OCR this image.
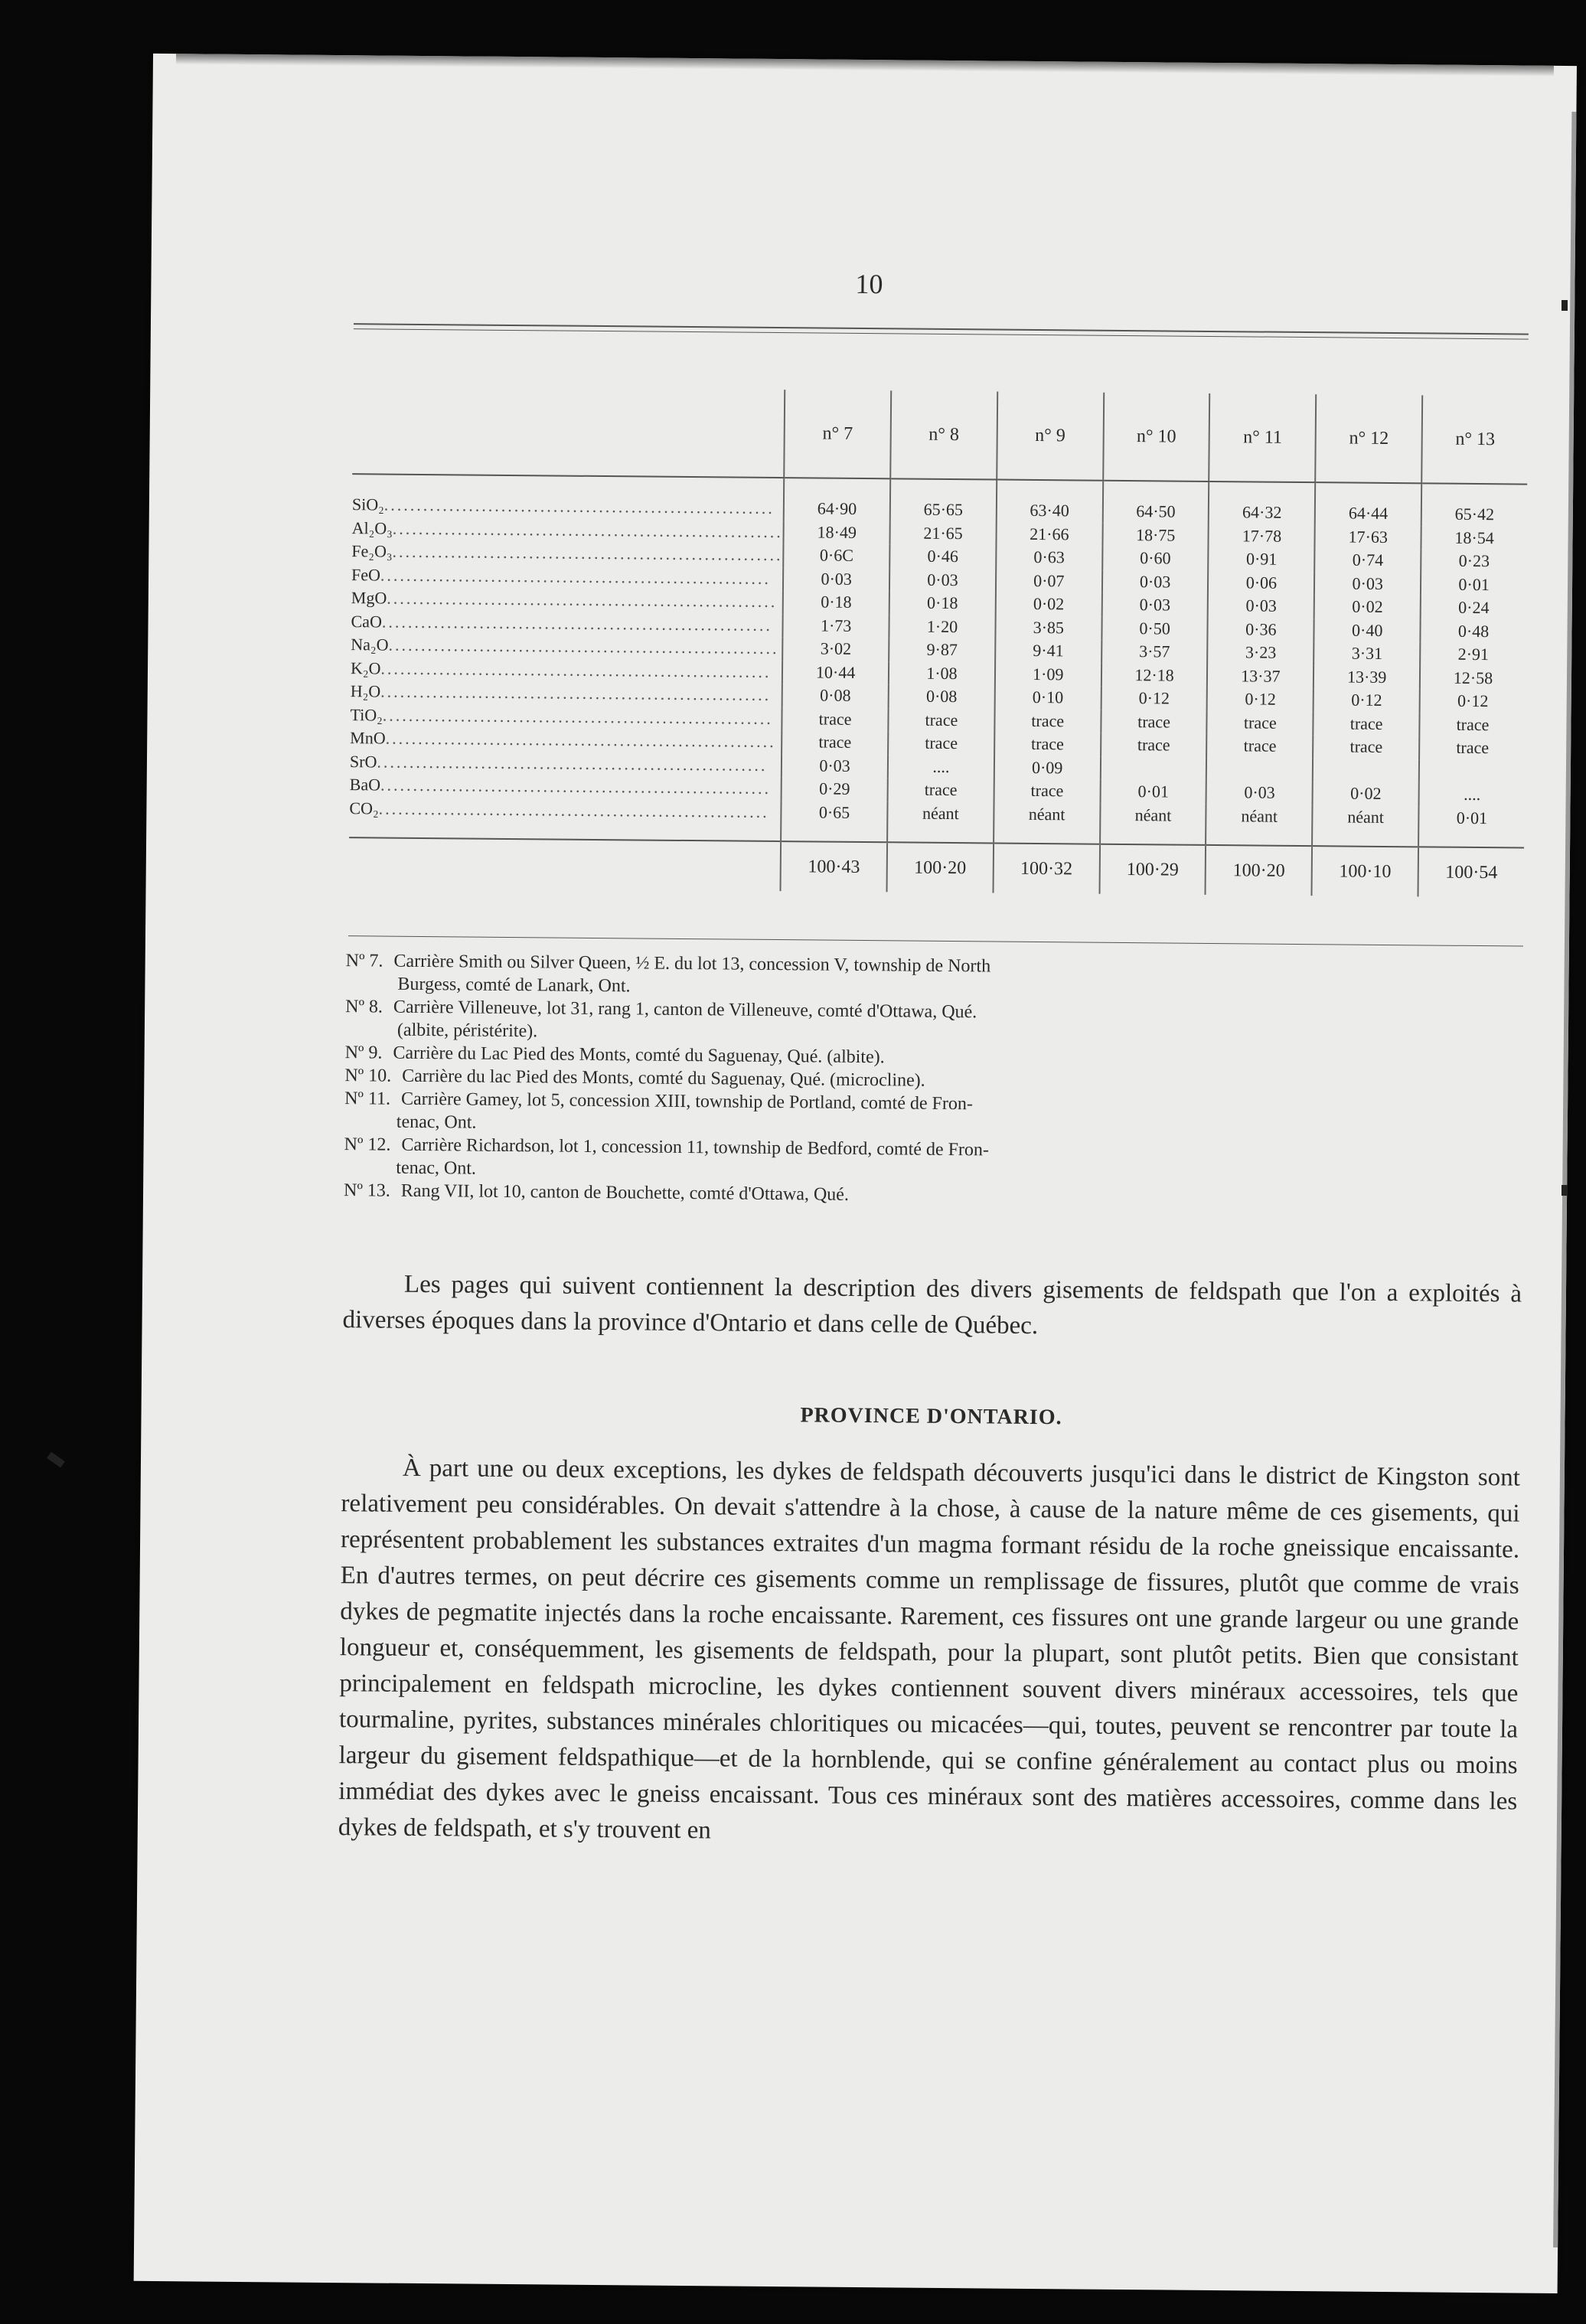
10
	n° 7	n° 8	n° 9	n° 10	n° 11	n° 12	n° 13
SiO₂............................................................	64·90	65·65	63·40	64·50	64·32	64·44	65·42
Al₂O₃............................................................	18·49	21·65	21·66	18·75	17·78	17·63	18·54
Fe₂O₃............................................................	0·6C	0·46	0·63	0·60	0·91	0·74	0·23
FeO............................................................	0·03	0·03	0·07	0·03	0·06	0·03	0·01
MgO............................................................	0·18	0·18	0·02	0·03	0·03	0·02	0·24
CaO............................................................	1·73	1·20	3·85	0·50	0·36	0·40	0·48
Na₂O............................................................	3·02	9·87	9·41	3·57	3·23	3·31	2·91
K₂O............................................................	10·44	1·08	1·09	12·18	13·37	13·39	12·58
H₂O............................................................	0·08	0·08	0·10	0·12	0·12	0·12	0·12
TiO₂............................................................	trace	trace	trace	trace	trace	trace	trace
MnO............................................................	trace	trace	trace	trace	trace	trace	trace
SrO............................................................	0·03	....	0·09				
BaO............................................................	0·29	trace	trace	0·01	0·03	0·02	....
CO₂............................................................	0·65	néant	néant	néant	néant	néant	0·01
	100·43	100·20	100·32	100·29	100·20	100·10	100·54

Nº 7. Carrière Smith ou Silver Queen, ½ E. du lot 13, concession V, township de North
Burgess, comté de Lanark, Ont.

Nº 8. Carrière Villeneuve, lot 31, rang 1, canton de Villeneuve, comté d'Ottawa, Qué.
(albite, péristérite).

Nº 9. Carrière du Lac Pied des Monts, comté du Saguenay, Qué. (albite).

Nº 10. Carrière du lac Pied des Monts, comté du Saguenay, Qué. (microcline).

Nº 11. Carrière Gamey, lot 5, concession XIII, township de Portland, comté de Fron-
tenac, Ont.

Nº 12. Carrière Richardson, lot 1, concession 11, township de Bedford, comté de Fron-
tenac, Ont.

Nº 13. Rang VII, lot 10, canton de Bouchette, comté d'Ottawa, Qué.

Les pages qui suivent contiennent la description des divers gisements de feldspath que l'on a exploités à diverses époques dans la province d'Ontario et dans celle de Québec.

PROVINCE D'ONTARIO.

À part une ou deux exceptions, les dykes de feldspath découverts jusqu'ici dans le district de Kingston sont relativement peu considérables. On devait s'attendre à la chose, à cause de la nature même de ces gisements, qui représentent probablement les substances extraites d'un magma formant résidu de la roche gneissique encaissante. En d'autres termes, on peut décrire ces gisements comme un remplissage de fissures, plutôt que comme de vrais dykes de pegmatite injectés dans la roche encaissante. Rarement, ces fissures ont une grande largeur ou une grande longueur et, conséquemment, les gisements de feldspath, pour la plupart, sont plutôt petits. Bien que consistant principalement en feldspath microcline, les dykes contiennent souvent divers minéraux accessoires, tels que tourmaline, pyrites, substances minérales chloritiques ou micacées—qui, toutes, peuvent se rencontrer par toute la largeur du gisement feldspathique—et de la hornblende, qui se confine généralement au contact plus ou moins immédiat des dykes avec le gneiss encaissant. Tous ces minéraux sont des matières accessoires, comme dans les dykes de feldspath, et s'y trouvent en
